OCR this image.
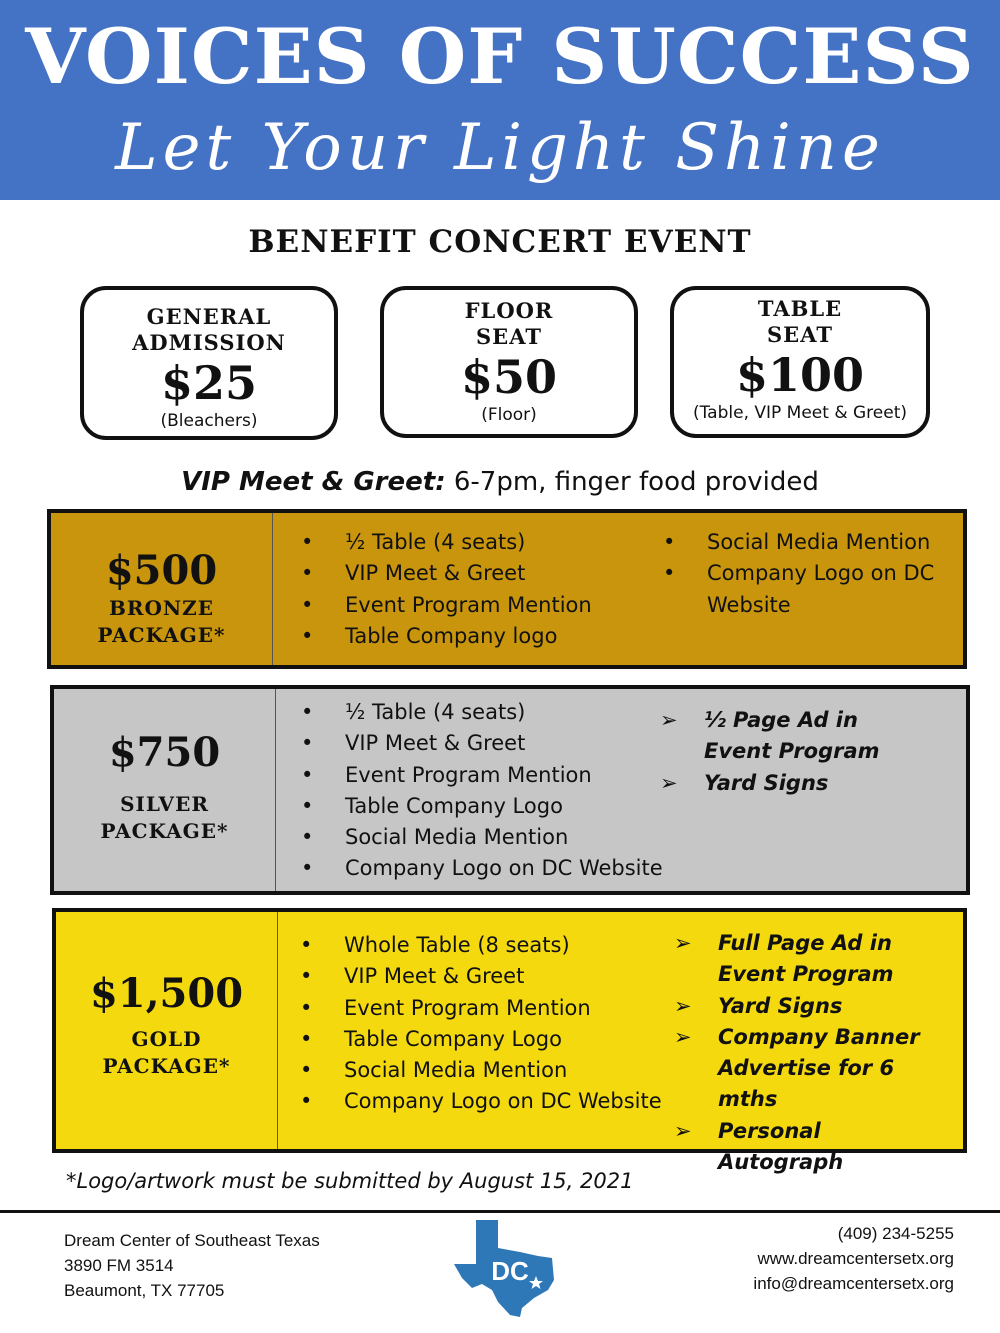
VOICES OF SUCCESS
Let Your Light Shine
BENEFIT CONCERT EVENT
GENERAL
ADMISSION
$25
(Bleachers)
FLOOR
SEAT
$50
(Floor)
TABLE
SEAT
$100
(Table, VIP Meet & Greet)
VIP Meet & Greet: 6-7pm, finger food provided
$500
BRONZE
PACKAGE*
•	½ Table (4 seats)
•	VIP Meet & Greet
•	Event Program Mention
•	Table Company logo
•	Social Media Mention
•	Company Logo on DC
Website
$750
SILVER
PACKAGE*
•	½ Table (4 seats)
•	VIP Meet & Greet
•	Event Program Mention
•	Table Company Logo
•	Social Media Mention
•	Company Logo on DC Website
➢ ½ Page Ad in Event Program
➢ Yard Signs
$1,500
GOLD
PACKAGE*
•	Whole Table (8 seats)
•	VIP Meet & Greet
•	Event Program Mention
•	Table Company Logo
•	Social Media Mention
•	Company Logo on DC Website
➢ Full Page Ad in Event Program
➢ Yard Signs
➢ Company Banner Advertise for 6 mths
➢ Personal Autograph
*Logo/artwork must be submitted by August 15, 2021
Dream Center of Southeast Texas
3890 FM 3514
Beaumont, TX 77705
DC
(409) 234-5255
www.dreamcentersetx.org
info@dreamcentersetx.org
